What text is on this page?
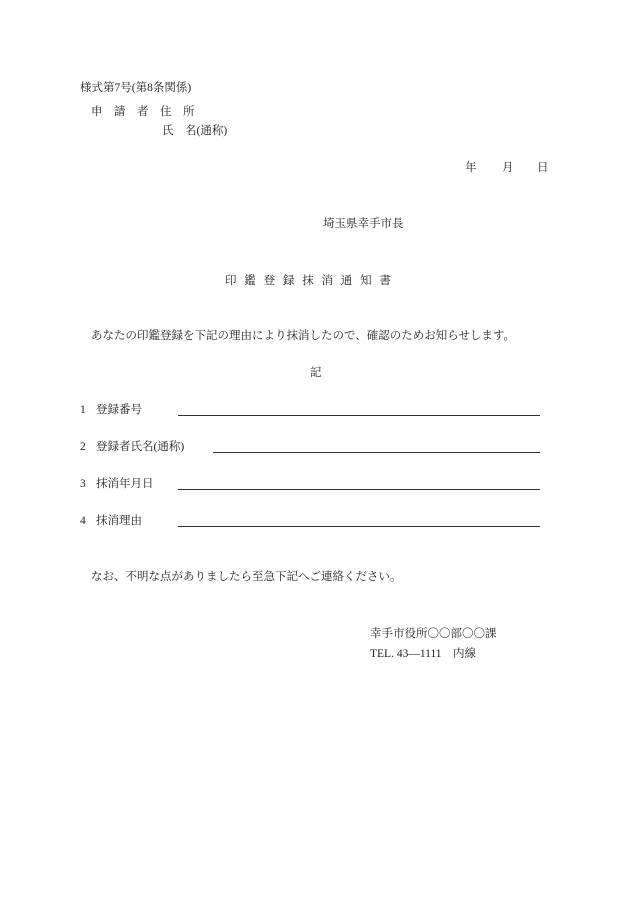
様式第7号(第8条関係)
申　請　者　住　所
氏　名(通称)
年 月 日
埼玉県幸手市長
印鑑登録抹消通知書
あなたの印鑑登録を下記の理由により抹消したので、確認のためお知らせします。
記
1 登録番号
2 登録者氏名(通称)
3 抹消年月日
4 抹消理由
なお、不明な点がありましたら至急下記へご連絡ください。
幸手市役所〇〇部〇〇課
TEL. 43—1111　内線
